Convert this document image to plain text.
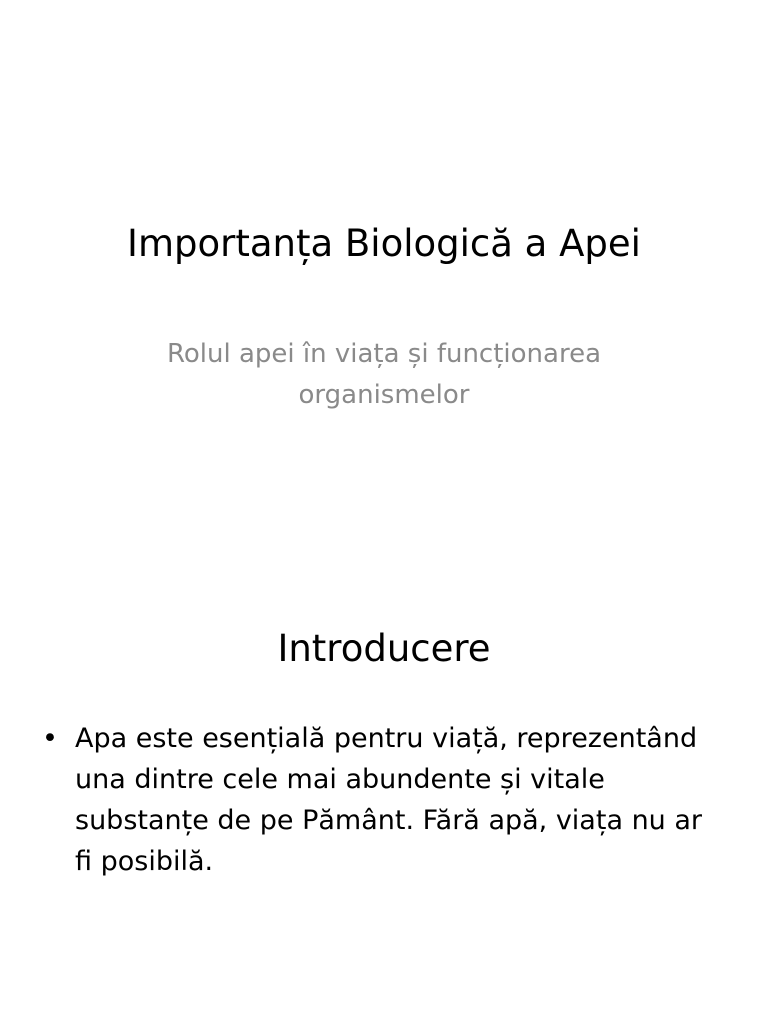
Importanța Biologică a Apei

Rolul apei în viața și funcționarea organismelor

Introducere
• Apa este esențială pentru viață, reprezentând una dintre cele mai abundente și vitale substanțe de pe Pământ. Fără apă, viața nu ar fi posibilă.
